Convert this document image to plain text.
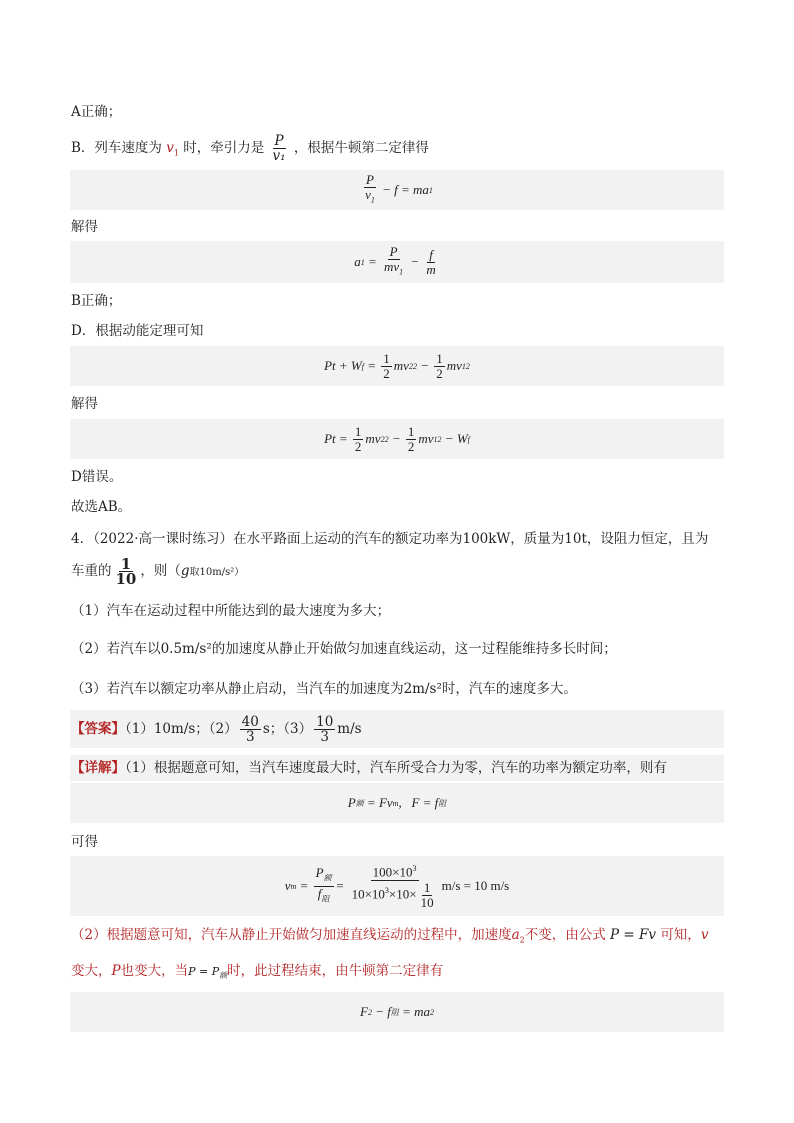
A正确；
B．列车速度为 $v_1$ 时，牵引力是 $\frac{P}{\text{v₁}}$ ，根据牛顿第二定律得
$\frac{P}{v_1} - f$ = ma 1
解得
a $1 = \frac{P}{mv_1} - \frac{f}{m}$
B正确；
D．根据动能定理可知
Pt + W $f = \frac{1}{2}$ mv 2 $2 - \frac{1}{2}$ mv 1 2
解得
$Pt = \frac{1}{2}$ mv 2 $2 - \frac{1}{2}$ mv 1 2 − W f
D错误。
故选AB。
4．（2022·高一课时练习）在水平路面上运动的汽车的额定功率为100kW，质量为10t，设阻力恒定，且为
车重的 $\frac{1}{10}$ ，则（g取10m/s²）
（1）汽车在运动过程中所能达到的最大速度为多大；
（2）若汽车以0.5m/s²的加速度从静止开始做匀加速直线运动，这一过程能维持多长时间；
（3）若汽车以额定功率从静止启动，当汽车的加速度为2m/s²时，汽车的速度多大。
【答案】（1）10m/s；$(2) \frac{40}{3}$ s；$(3) \frac{10}{3} m/s$
【详解】（1）根据题意可知，当汽车速度最大时，汽车所受合力为零，汽车的功率为额定功率，则有
P 额 = Fv m ,   F = f 阻
可得
v $m = \frac{P_额}{f_阻} = \frac{100\times 10^3}{10\times 10^3\times 10\times \frac{1}{10}} m/s = 10$ m/s
（2）根据题意可知，汽车从静止开始做匀加速直线运动的过程中，加速度$a_2$不变，由公式 P = Fv 可知，v
变大，P也变大，当$P = P_额$时，此过程结束，由牛顿第二定律有
F 2 − f 阻 = ma 2
